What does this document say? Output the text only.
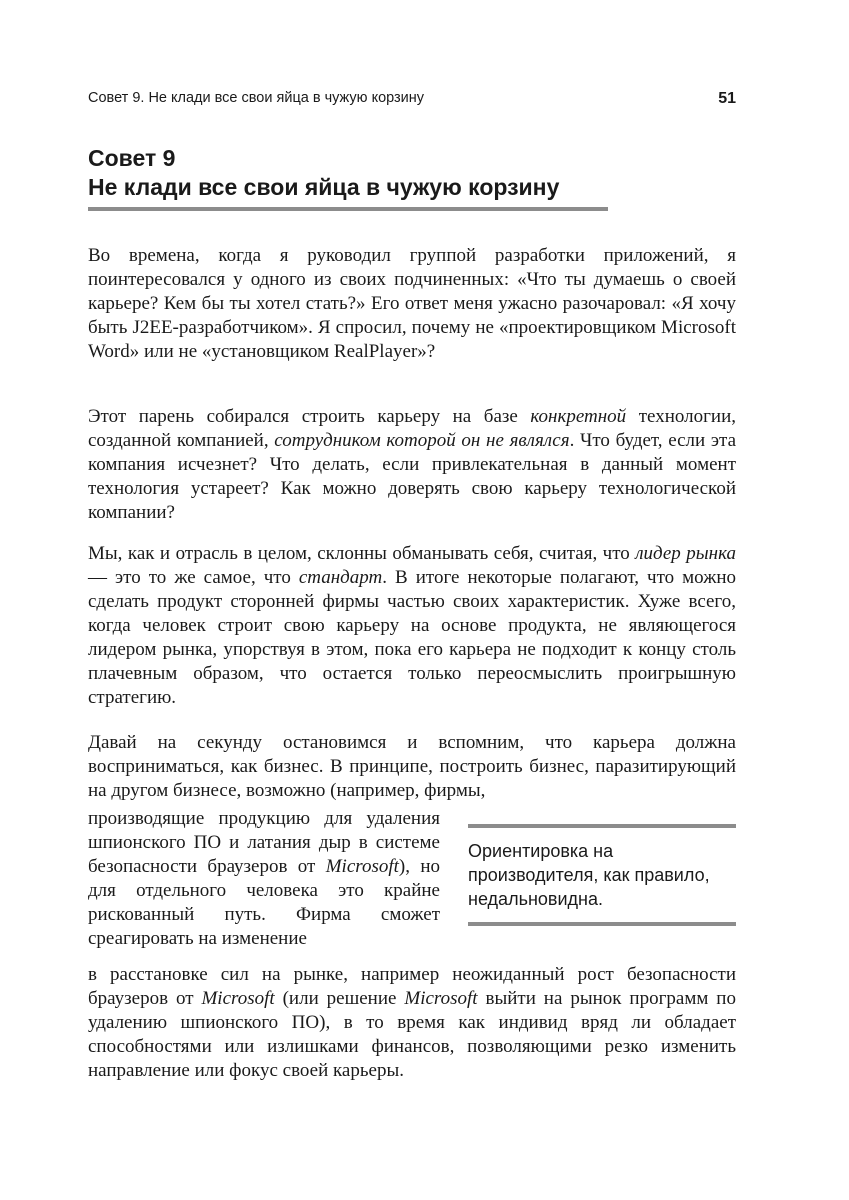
Совет 9. Не клади все свои яйца в чужую корзину	51
Совет 9
Не клади все свои яйца в чужую корзину

Во времена, когда я руководил группой разработки приложений, я поинтересовался у одного из своих подчиненных: «Что ты думаешь о своей карьере? Кем бы ты хотел стать?» Его ответ меня ужасно разочаровал: «Я хочу быть J2EE-разработчиком». Я спросил, почему не «проектировщиком Microsoft Word» или не «установщиком RealPlayer»?

Этот парень собирался строить карьеру на базе конкретной технологии, созданной компанией, сотрудником которой он не являлся. Что будет, если эта компания исчезнет? Что делать, если привлекательная в данный момент технология устареет? Как можно доверять свою карьеру технологической компании?

Мы, как и отрасль в целом, склонны обманывать себя, считая, что лидер рынка — это то же самое, что стандарт. В итоге некоторые полагают, что можно сделать продукт сторонней фирмы частью своих характеристик. Хуже всего, когда человек строит свою карьеру на основе продукта, не являющегося лидером рынка, упорствуя в этом, пока его карьера не подходит к концу столь плачевным образом, что остается только переосмыслить проигрышную стратегию.

Давай на секунду остановимся и вспомним, что карьера должна восприниматься, как бизнес. В принципе, построить бизнес, паразитирующий на другом бизнесе, возможно (например, фирмы,

производящие продукцию для удаления шпионского ПО и латания дыр в системе безопасности браузеров от Microsoft), но для отдельного человека это крайне рискованный путь. Фирма сможет среагировать на изменение

Ориентировка на производителя, как правило, недальновидна.

в расстановке сил на рынке, например неожиданный рост безопасности браузеров от Microsoft (или решение Microsoft выйти на рынок программ по удалению шпионского ПО), в то время как индивид вряд ли обладает способностями или излишками финансов, позволяющими резко изменить направление или фокус своей карьеры.
